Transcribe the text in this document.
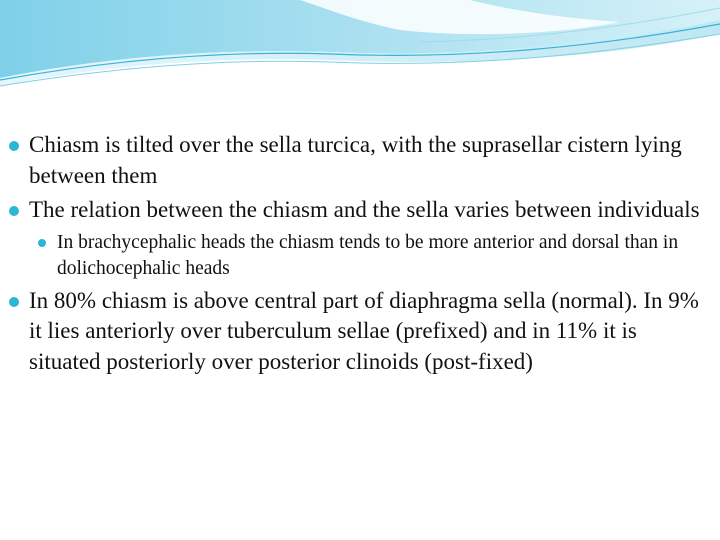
Chiasm is tilted over the sella turcica, with the suprasellar cistern lying between them
The relation between the chiasm and the sella varies between individuals
In brachycephalic heads the chiasm tends to be more anterior and dorsal than in dolichocephalic heads
In 80% chiasm is above central part of diaphragma sella (normal). In 9% it lies anteriorly over tuberculum sellae (prefixed) and in 11% it is situated posteriorly over posterior clinoids (post-fixed)
